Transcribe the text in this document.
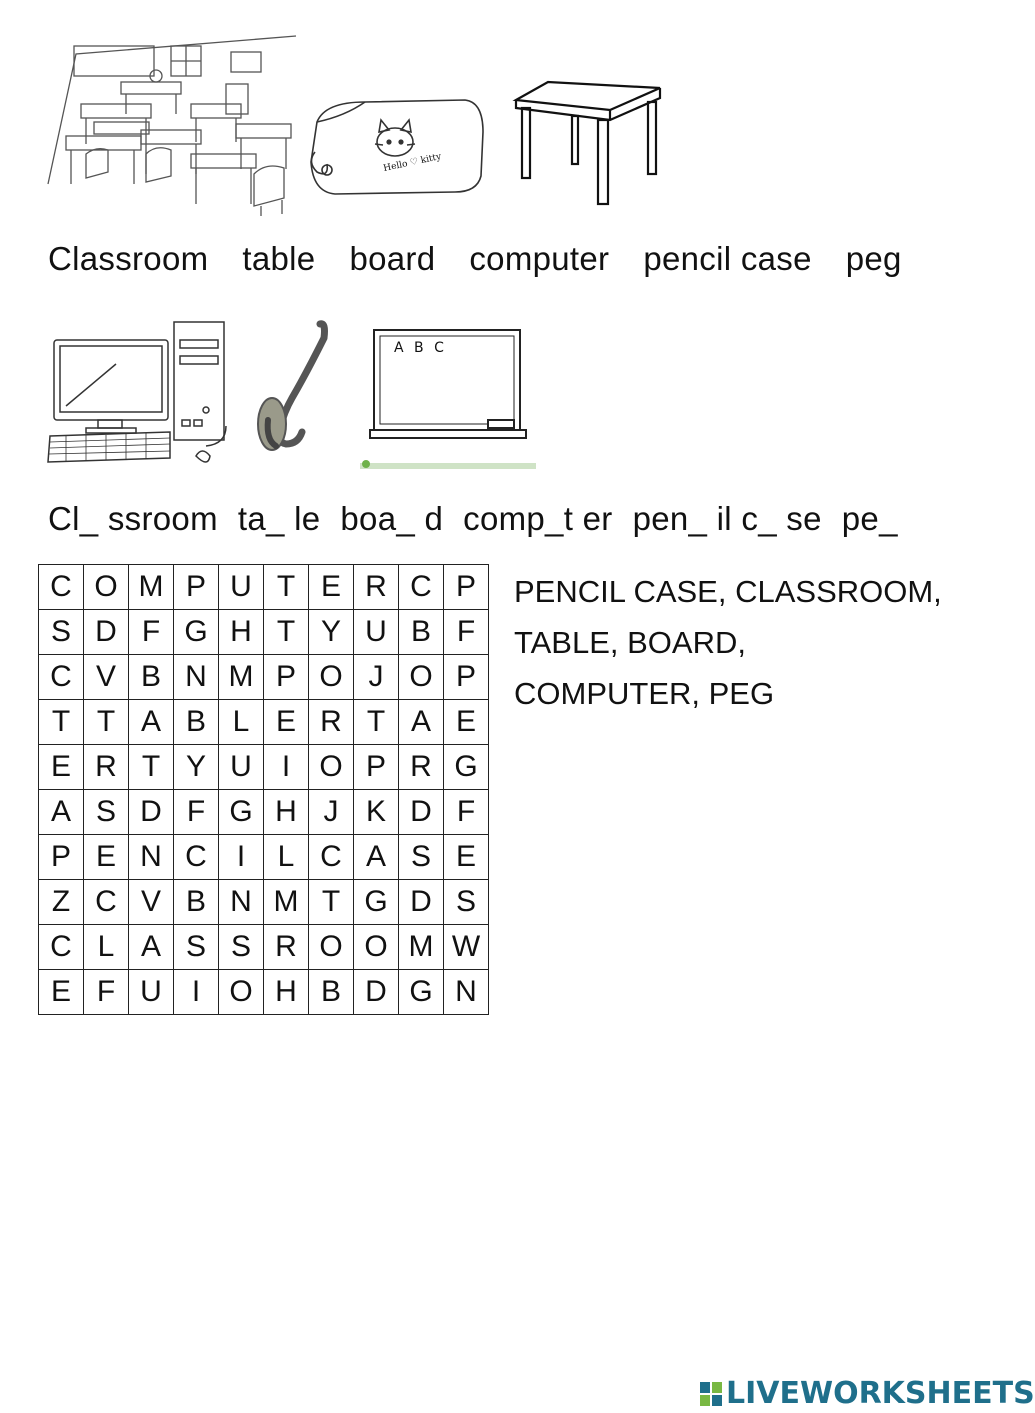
Hello ♡ kitty
Classroom table board computer pencil case peg
A B C
Cl_ ssroom ta_ le boa_ d comp_t er pen_ il c_ se pe_
C	O	M	P	U	T	E	R	C	P
S	D	F	G	H	T	Y	U	B	F
C	V	B	N	M	P	O	J	O	P
T	T	A	B	L	E	R	T	A	E
E	R	T	Y	U	I	O	P	R	G
A	S	D	F	G	H	J	K	D	F
P	E	N	C	I	L	C	A	S	E
Z	C	V	B	N	M	T	G	D	S
C	L	A	S	S	R	O	O	M	W
E	F	U	I	O	H	B	D	G	N
PENCIL CASE, CLASSROOM,
TABLE, BOARD,
COMPUTER, PEG
LIVEWORKSHEETS
